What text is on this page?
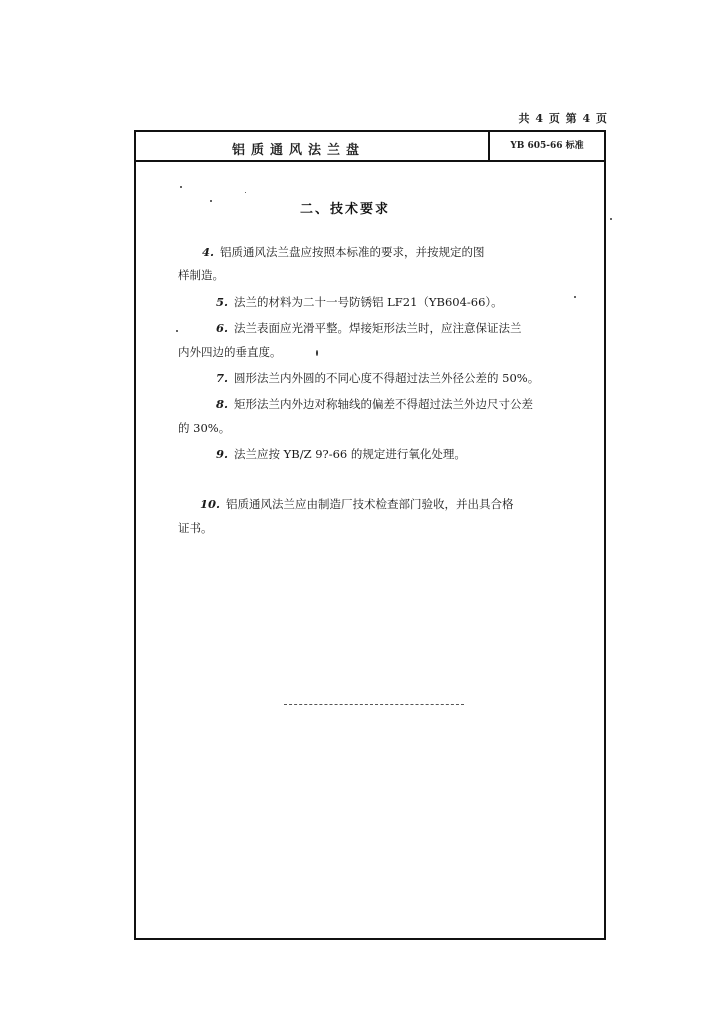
共 4 页 第 4 页
铝质通风法兰盘	YB 605-66 标准
二、技术要求
4. 铝质通风法兰盘应按照本标准的要求，并按规定的图
样制造。
5. 法兰的材料为二十一号防锈铝 LF21（YB604-66）。
6. 法兰表面应光滑平整。焊接矩形法兰时，应注意保证法兰
内外四边的垂直度。
7. 圆形法兰内外圆的不同心度不得超过法兰外径公差的 50%。
8. 矩形法兰内外边对称轴线的偏差不得超过法兰外边尺寸公差
的 30%。
9. 法兰应按 YB/Z 9?-66 的规定进行氧化处理。
10. 铝质通风法兰应由制造厂技术检查部门验收，并出具合格
证书。
